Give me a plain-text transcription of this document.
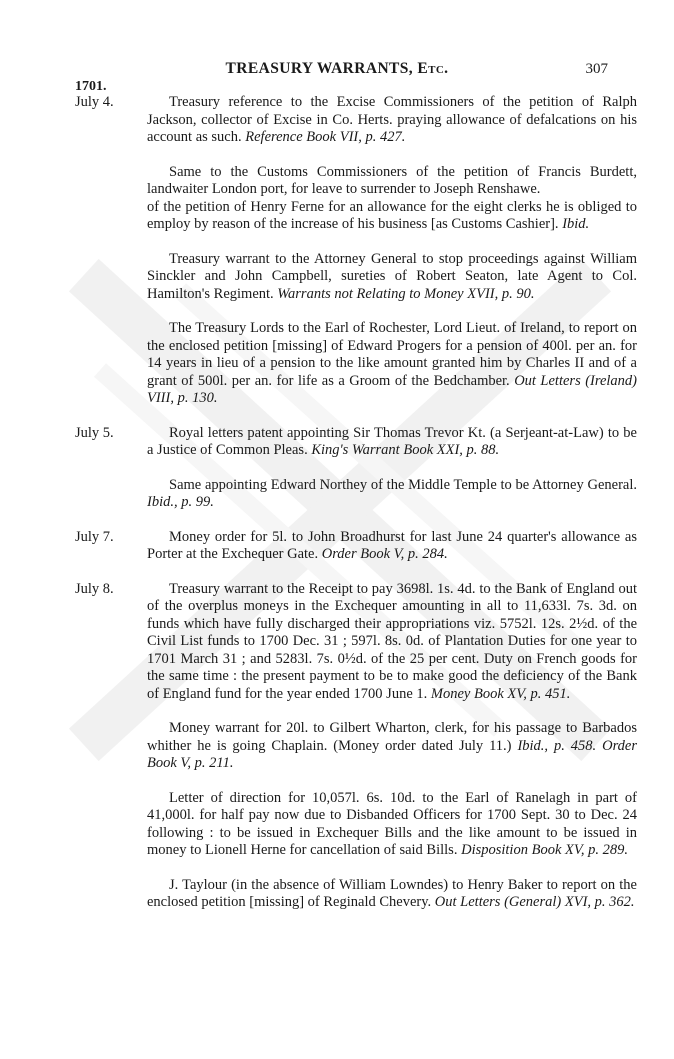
TREASURY WARRANTS, Etc.	307
1701.
July 4.	Treasury reference to the Excise Commissioners of the petition of Ralph Jackson, collector of Excise in Co. Herts. praying allowance of defalcations on his account as such. Reference Book VII, p. 427.

Same to the Customs Commissioners of the petition of Francis Burdett, landwaiter London port, for leave to surrender to Joseph Renshawe.

of the petition of Henry Ferne for an allowance for the eight clerks he is obliged to employ by reason of the increase of his business [as Customs Cashier]. Ibid.

Treasury warrant to the Attorney General to stop proceedings against William Sinckler and John Campbell, sureties of Robert Seaton, late Agent to Col. Hamilton's Regiment. Warrants not Relating to Money XVII, p. 90.

The Treasury Lords to the Earl of Rochester, Lord Lieut. of Ireland, to report on the enclosed petition [missing] of Edward Progers for a pension of 400l. per an. for 14 years in lieu of a pension to the like amount granted him by Charles II and of a grant of 500l. per an. for life as a Groom of the Bedchamber. Out Letters (Ireland) VIII, p. 130.

July 5.	Royal letters patent appointing Sir Thomas Trevor Kt. (a Serjeant-at-Law) to be a Justice of Common Pleas. King's Warrant Book XXI, p. 88.

Same appointing Edward Northey of the Middle Temple to be Attorney General. Ibid., p. 99.

July 7.	Money order for 5l. to John Broadhurst for last June 24 quarter's allowance as Porter at the Exchequer Gate. Order Book V, p. 284.

July 8.	Treasury warrant to the Receipt to pay 3698l. 1s. 4d. to the Bank of England out of the overplus moneys in the Exchequer amounting in all to 11,633l. 7s. 3d. on funds which have fully discharged their appropriations viz. 5752l. 12s. 2½d. of the Civil List funds to 1700 Dec. 31 ; 597l. 8s. 0d. of Plantation Duties for one year to 1701 March 31 ; and 5283l. 7s. 0½d. of the 25 per cent. Duty on French goods for the same time : the present payment to be to make good the deficiency of the Bank of England fund for the year ended 1700 June 1. Money Book XV, p. 451.

Money warrant for 20l. to Gilbert Wharton, clerk, for his passage to Barbados whither he is going Chaplain. (Money order dated July 11.) Ibid., p. 458. Order Book V, p. 211.

Letter of direction for 10,057l. 6s. 10d. to the Earl of Ranelagh in part of 41,000l. for half pay now due to Disbanded Officers for 1700 Sept. 30 to Dec. 24 following : to be issued in Exchequer Bills and the like amount to be issued in money to Lionell Herne for cancellation of said Bills. Disposition Book XV, p. 289.

J. Taylour (in the absence of William Lowndes) to Henry Baker to report on the enclosed petition [missing] of Reginald Chevery. Out Letters (General) XVI, p. 362.
